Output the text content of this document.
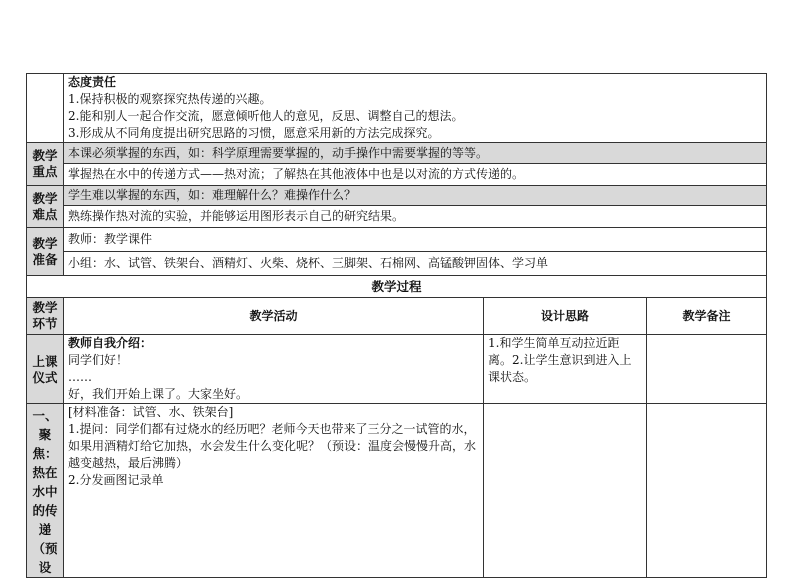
	态度责任
1.保持积极的观察探究热传递的兴趣。
2.能和别人一起合作交流，愿意倾听他人的意见，反思、调整自己的想法。
3.形成从不同角度提出研究思路的习惯，愿意采用新的方法完成探究。		

教学重点	本课必须掌握的东西，如：科学原理需要掌握的，动手操作中需要掌握的等等。		
	掌握热在水中的传递方式——热对流；了解热在其他液体中也是以对流的方式传递的。		
教学难点	学生难以掌握的东西，如：难理解什么？难操作什么？		
	熟练操作热对流的实验，并能够运用图形表示自己的研究结果。		
教学准备	教师：教学课件		
	小组：水、试管、铁架台、酒精灯、火柴、烧杯、三脚架、石棉网、高锰酸钾固体、学习单		
教学过程			
教学环节	教学活动	设计思路	教学备注
上课仪式	教师自我介绍：
同学们好！
……
好，我们开始上课了。大家坐好。	1.和学生简单互动拉近距离。2.让学生意识到进入上课状态。	
一、聚焦：热在水中的传递（预设	[材料准备：试管、水、铁架台]
1.提问：同学们都有过烧水的经历吧？老师今天也带来了三分之一试管的水，如果用酒精灯给它加热，水会发生什么变化呢？（预设：温度会慢慢升高，水越变越热，最后沸腾）
2.分发画图记录单		
